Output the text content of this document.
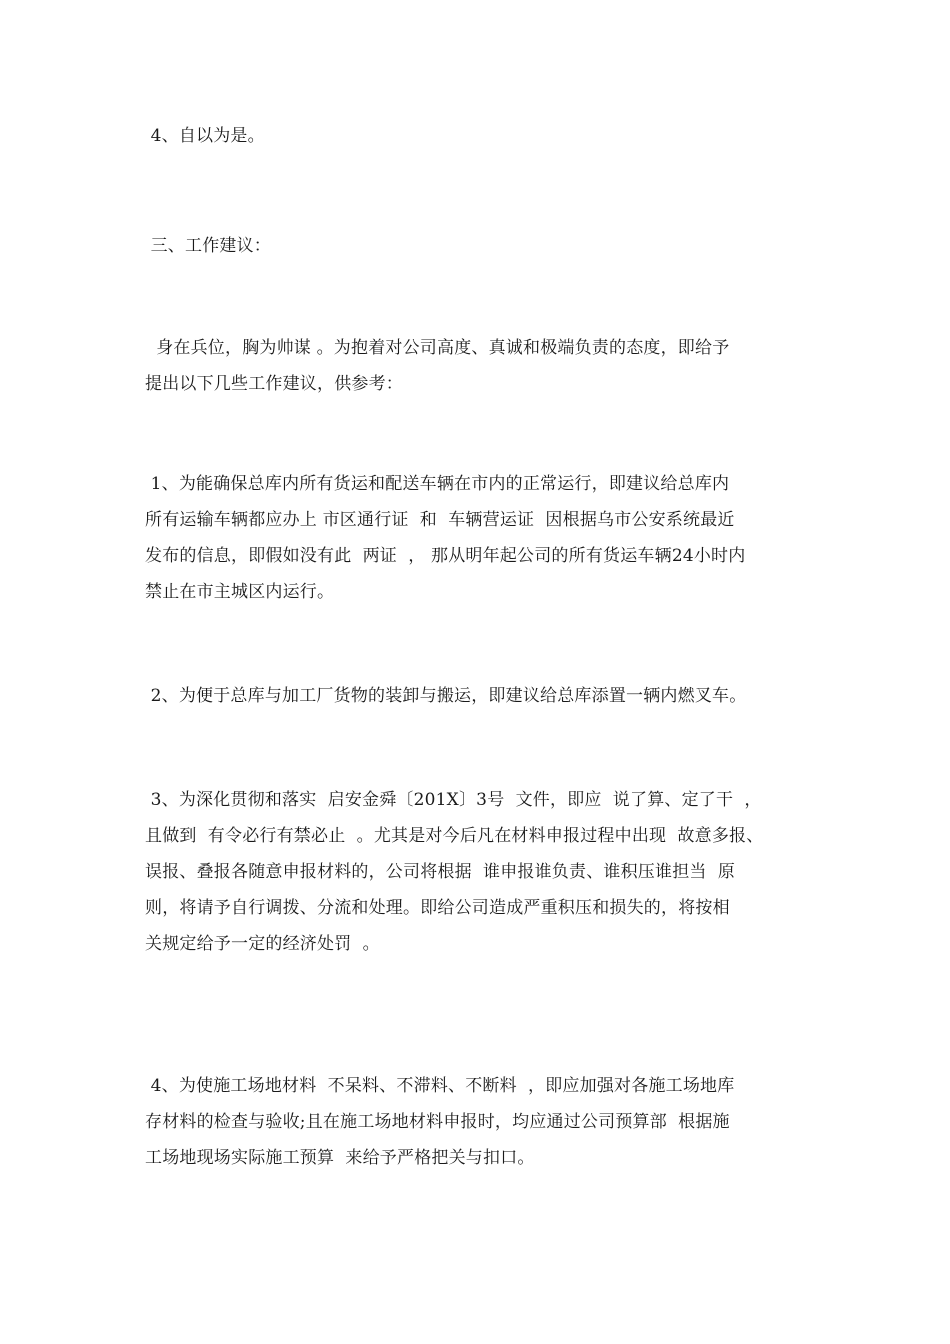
4、自以为是。
三、工作建议：
身在兵位，胸为帅谋 。为抱着对公司高度、真诚和极端负责的态度，即给予
提出以下几些工作建议，供参考：
1、为能确保总库内所有货运和配送车辆在市内的正常运行，即建议给总库内
所有运输车辆都应办上 市区通行证  和  车辆营运证  因根据乌市公安系统最近
发布的信息，即假如没有此  两证  ， 那从明年起公司的所有货运车辆24小时内
禁止在市主城区内运行。
2、为便于总库与加工厂货物的装卸与搬运，即建议给总库添置一辆内燃叉车。
3、为深化贯彻和落实  启安金舜〔201X〕3号  文件，即应  说了算、定了干  ，
且做到  有令必行有禁必止  。尤其是对今后凡在材料申报过程中出现  故意多报、
误报、叠报各随意申报材料的，公司将根据  谁申报谁负责、谁积压谁担当  原
则，将请予自行调拨、分流和处理。即给公司造成严重积压和损失的，将按相
关规定给予一定的经济处罚  。
4、为使施工场地材料  不呆料、不滞料、不断料  ，即应加强对各施工场地库
存材料的检查与验收;且在施工场地材料申报时，均应通过公司预算部  根据施
工场地现场实际施工预算  来给予严格把关与扣口。
